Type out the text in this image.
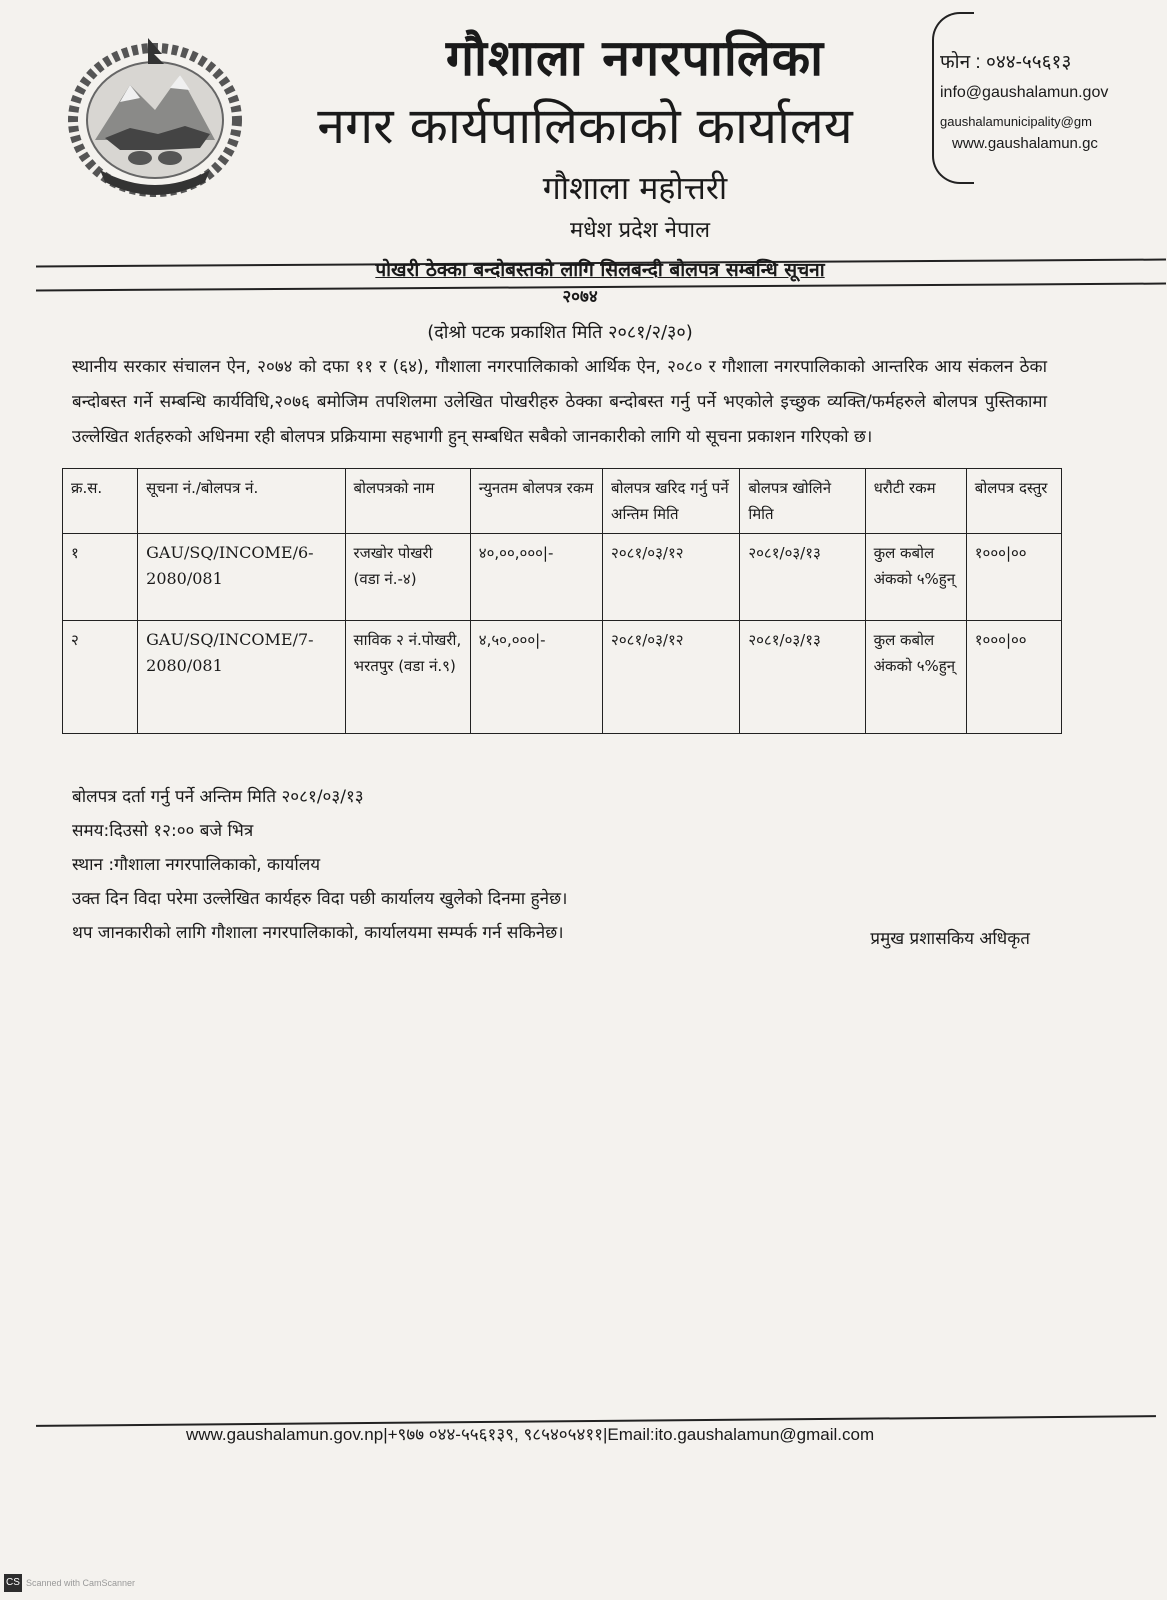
गौशाला नगरपालिका
नगर कार्यपालिकाको कार्यालय
गौशाला महोत्तरी
मधेश प्रदेश नेपाल
फोन : ०४४-५५६१३
info@gaushalamun.gov
gaushalamunicipality@gm
www.gaushalamun.gc
पोखरी ठेक्का बन्दोबस्तको लागि सिलबन्दी बोलपत्र सम्बन्धि सूचना
२०७४
(दोश्रो पटक प्रकाशित मिति २०८१/२/३०)
स्थानीय सरकार संचालन ऐन, २०७४ को दफा ११ र (६४), गौशाला नगरपालिकाको आर्थिक ऐन, २०८० र गौशाला नगरपालिकाको आन्तरिक आय संकलन ठेका बन्दोबस्त गर्ने सम्बन्धि कार्यविधि,२०७६ बमोजिम तपशिलमा उलेखित पोखरीहरु ठेक्का बन्दोबस्त गर्नु पर्ने भएकोले इच्छुक व्यक्ति/फर्महरुले बोलपत्र पुस्तिकामा उल्लेखित शर्तहरुको अधिनमा रही बोलपत्र प्रक्रियामा सहभागी हुन् सम्बधित सबैको जानकारीको लागि यो सूचना प्रकाशन गरिएको छ।
क्र.स.	सूचना नं./बोलपत्र नं.	बोलपत्रको नाम	न्युनतम बोलपत्र रकम	बोलपत्र खरिद गर्नु पर्ने अन्तिम मिति	बोलपत्र खोलिने मिति	धरौटी रकम	बोलपत्र दस्तुर
१	GAU/SQ/INCOME/6-2080/081	रजखोर पोखरी (वडा नं.-४)	४०,००,०००|-	२०८१/०३/१२	२०८१/०३/१३	कुल कबोल अंकको ५%हुन्	१०००|००
२	GAU/SQ/INCOME/7-2080/081	साविक २ नं.पोखरी, भरतपुर (वडा नं.९)	४,५०,०००|-	२०८१/०३/१२	२०८१/०३/१३	कुल कबोल अंकको ५%हुन्	१०००|००
बोलपत्र दर्ता गर्नु पर्ने अन्तिम मिति २०८१/०३/१३
समय:दिउसो १२:०० बजे भित्र
स्थान :गौशाला नगरपालिकाको, कार्यालय
उक्त दिन विदा परेमा उल्लेखित कार्यहरु विदा पछी कार्यालय खुलेको दिनमा हुनेछ।
थप जानकारीको लागि गौशाला नगरपालिकाको, कार्यालयमा सम्पर्क गर्न सकिनेछ।	प्रमुख प्रशासकिय अधिकृत
www.gaushalamun.gov.np|+९७७ ०४४-५५६१३९, ९८५४०५४११|Email:ito.gaushalamun@gmail.com
CS Scanned with CamScanner
